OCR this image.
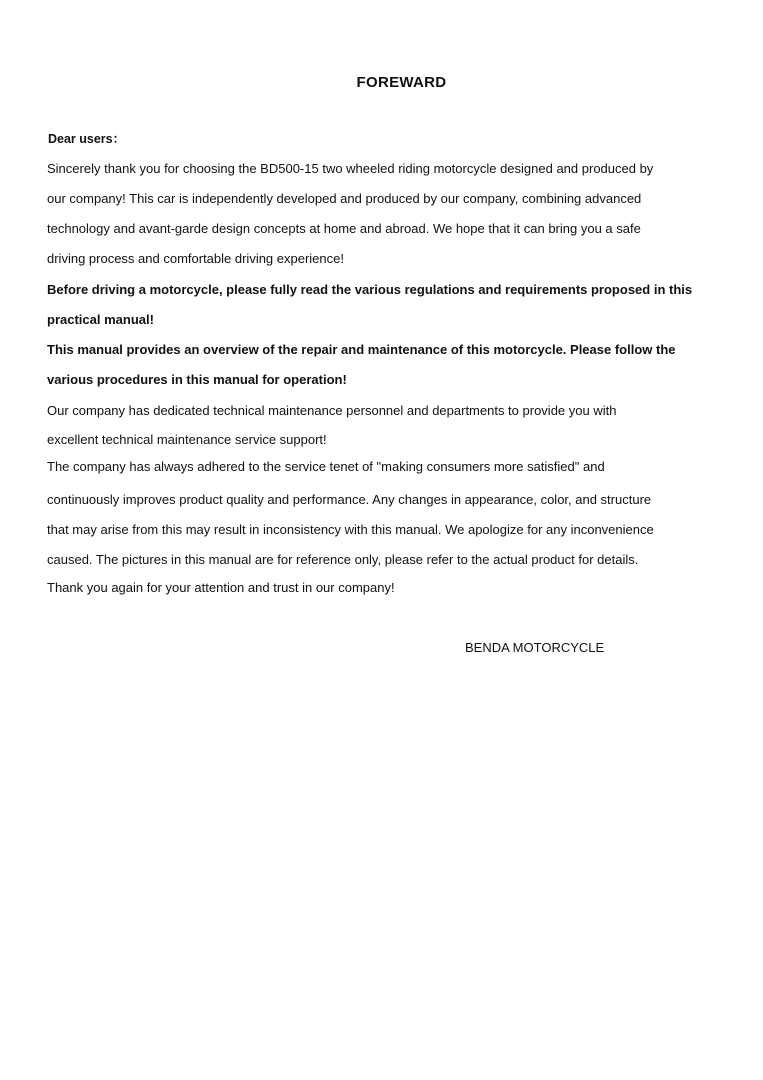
FOREWARD
Dear users：
Sincerely thank you for choosing the BD500-15 two wheeled riding motorcycle designed and produced by
our company! This car is independently developed and produced by our company, combining advanced
technology and avant-garde design concepts at home and abroad. We hope that it can bring you a safe
driving process and comfortable driving experience!
Before driving a motorcycle, please fully read the various regulations and requirements proposed in this
practical manual!
This manual provides an overview of the repair and maintenance of this motorcycle. Please follow the
various procedures in this manual for operation!
Our company has dedicated technical maintenance personnel and departments to provide you with
excellent technical maintenance service support!
The company has always adhered to the service tenet of "making consumers more satisfied" and
continuously improves product quality and performance. Any changes in appearance, color, and structure
that may arise from this may result in inconsistency with this manual. We apologize for any inconvenience
caused. The pictures in this manual are for reference only, please refer to the actual product for details.
Thank you again for your attention and trust in our company!
BENDA MOTORCYCLE
